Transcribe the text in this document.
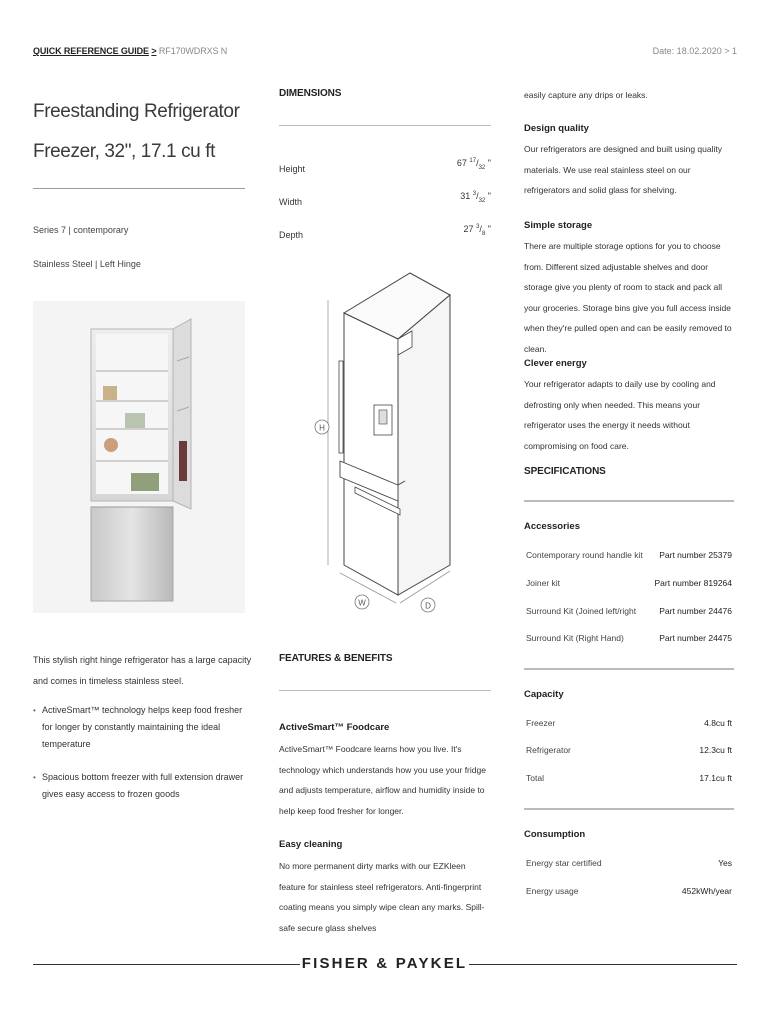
QUICK REFERENCE GUIDE > RF170WDRXS N	Date: 18.02.2020 > 1
Freestanding Refrigerator
Freezer, 32", 17.1 cu ft
Series 7 | contemporary
Stainless Steel | Left Hinge
This stylish right hinge refrigerator has a large capacity and comes in timeless stainless steel.
• ActiveSmart™ technology helps keep food fresher for longer by constantly maintaining the ideal temperature
• Spacious bottom freezer with full extension drawer gives easy access to frozen goods
DIMENSIONS
Height
67 $^{17}/_{32}$ "
Width
31 $^3/_{32}$ "
Depth
27 $^3/_8$ "
H
W	D
FEATURES & BENEFITS
ActiveSmart™ Foodcare
ActiveSmart™ Foodcare learns how you live. It's technology which understands how you use your fridge and adjusts temperature, airflow and humidity inside to help keep food fresher for longer.
Easy cleaning
No more permanent dirty marks with our EZKleen feature for stainless steel refrigerators. Anti-fingerprint coating means you simply wipe clean any marks. Spill-safe secure glass shelves
easily capture any drips or leaks.
Design quality
Our refrigerators are designed and built using quality materials. We use real stainless steel on our refrigerators and solid glass for shelving.
Simple storage
There are multiple storage options for you to choose from. Different sized adjustable shelves and door storage give you plenty of room to stack and pack all your groceries. Storage bins give you full access inside when they're pulled open and can be easily removed to clean.
Clever energy
Your refrigerator adapts to daily use by cooling and defrosting only when needed. This means your refrigerator uses the energy it needs without compromising on food care.
SPECIFICATIONS
Accessories
Contemporary round handle kit Part number 25379
Joiner kit	Part number 819264
Surround Kit (Joined left/right	Part number 24476
Surround Kit (Right Hand)	Part number 24475
Capacity
Freezer	4.8cu ft
Refrigerator	12.3cu ft
Total	17.1cu ft
Consumption
Energy star certified	Yes
Energy usage	452kWh/year
FISHER & PAYKEL
